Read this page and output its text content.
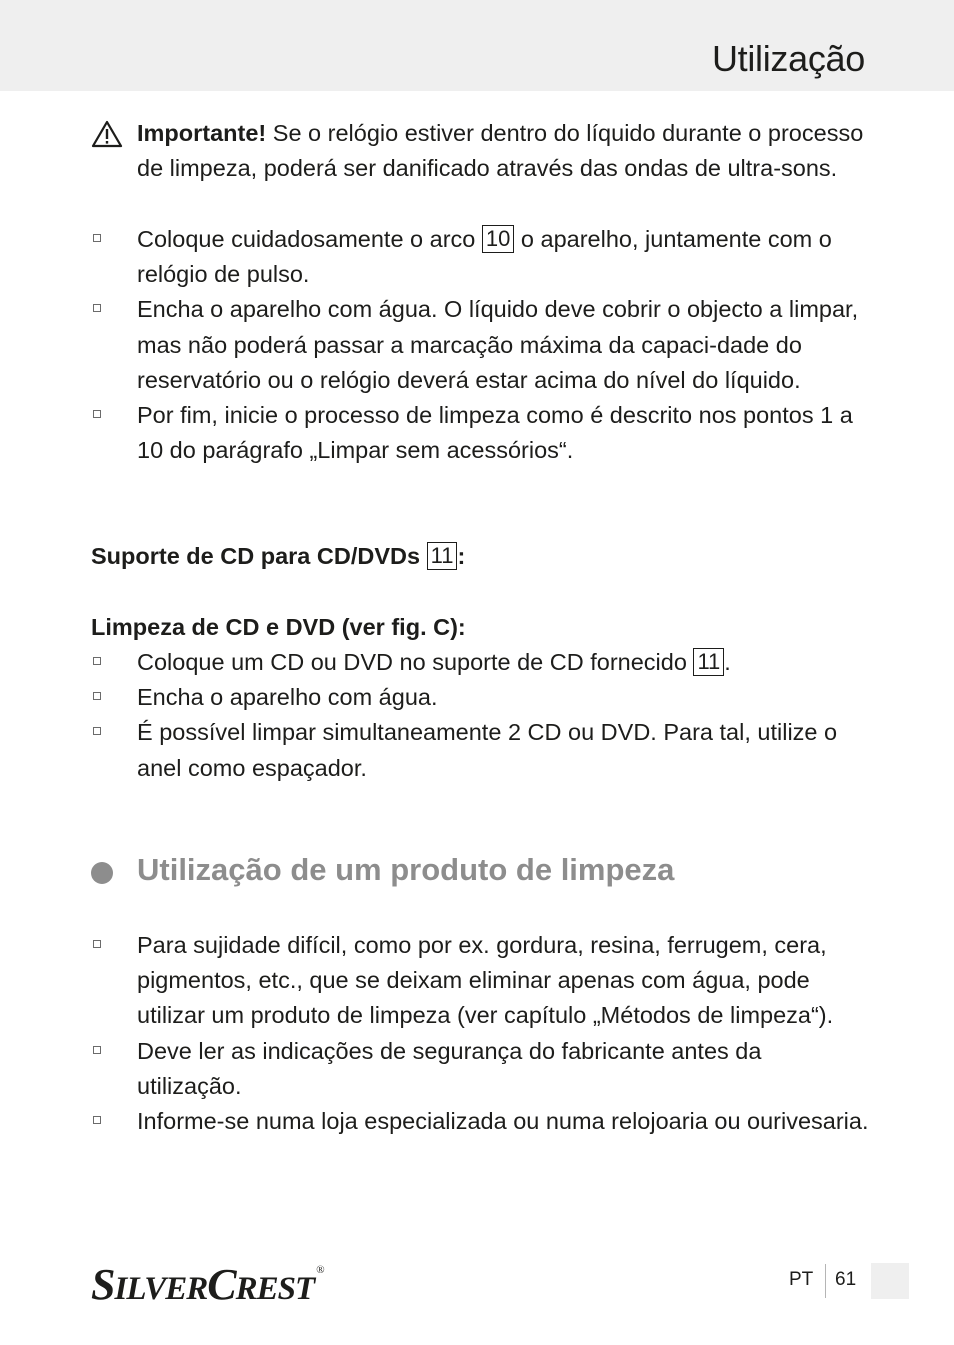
Utilização
Importante! Se o relógio estiver dentro do líquido durante o processo de limpeza, poderá ser danificado através das ondas de ultra-sons.
Coloque cuidadosamente o arco 10 o aparelho, juntamente com o relógio de pulso.
Encha o aparelho com água. O líquido deve cobrir o objecto a limpar, mas não poderá passar a marcação máxima da capaci-dade do reservatório ou o relógio deverá estar acima do nível do líquido.
Por fim, inicie o processo de limpeza como é descrito nos pontos 1 a 10 do parágrafo „Limpar sem acessórios“.
Suporte de CD para CD/DVDs 11 :
Limpeza de CD e DVD (ver fig. C):
Coloque um CD ou DVD no suporte de CD fornecido 11 .
Encha o aparelho com água.
É possível limpar simultaneamente 2 CD ou DVD. Para tal, utilize o anel como espaçador.
Utilização de um produto de limpeza
Para sujidade difícil, como por ex. gordura, resina, ferrugem, cera, pigmentos, etc., que se deixam eliminar apenas com água, pode utilizar um produto de limpeza (ver capítulo „Métodos de limpeza“).
Deve ler as indicações de segurança do fabricante antes da utilização.
Informe-se numa loja especializada ou numa relojoaria ou ourivesaria.
SILVERCREST®	PT 61
